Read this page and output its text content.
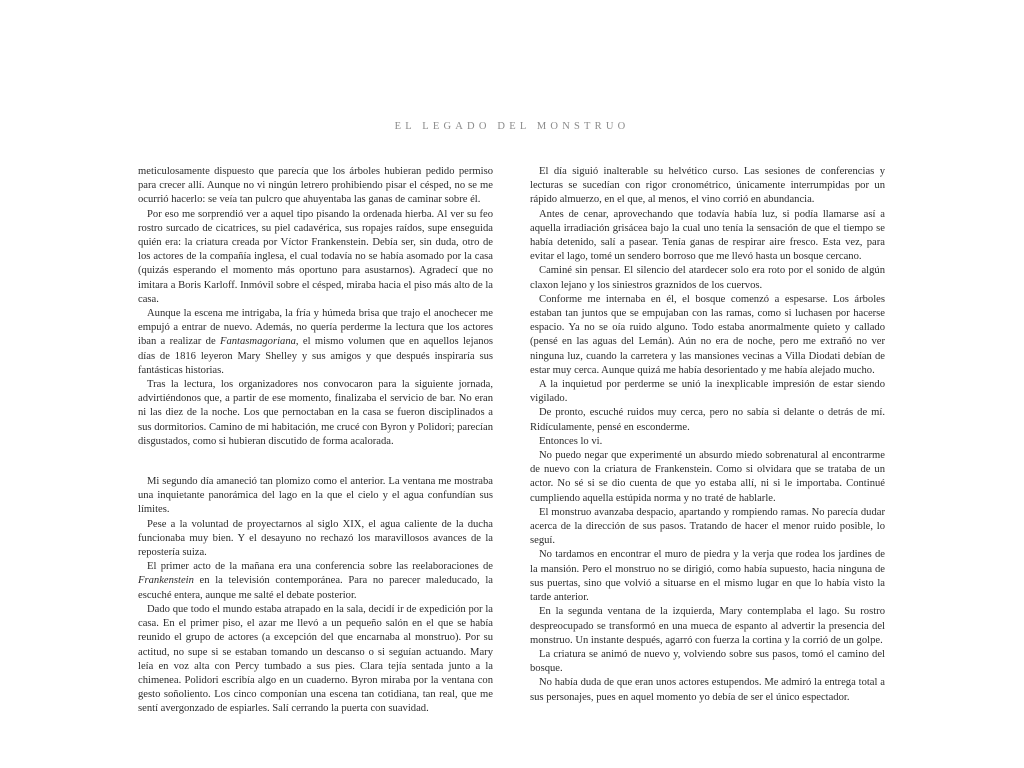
EL LEGADO DEL MONSTRUO

meticulosamente dispuesto que parecía que los árboles hubieran pedido permiso para crecer allí. Aunque no vi ningún letrero prohibiendo pisar el césped, no se me ocurrió hacerlo: se veía tan pulcro que ahuyentaba las ganas de caminar sobre él.

Por eso me sorprendió ver a aquel tipo pisando la ordenada hierba. Al ver su feo rostro surcado de cicatrices, su piel cadavérica, sus ropajes raídos, supe enseguida quién era: la criatura creada por Víctor Frankenstein. Debía ser, sin duda, otro de los actores de la compañía inglesa, el cual todavía no se había asomado por la casa (quizás esperando el momento más oportuno para asustarnos). Agradecí que no imitara a Boris Karloff. Inmóvil sobre el césped, miraba hacia el piso más alto de la casa.

Aunque la escena me intrigaba, la fría y húmeda brisa que trajo el anochecer me empujó a entrar de nuevo. Además, no quería perderme la lectura que los actores iban a realizar de Fantasmagoriana, el mismo volumen que en aquellos lejanos días de 1816 leyeron Mary Shelley y sus amigos y que después inspiraría sus fantásticas historias.

Tras la lectura, los organizadores nos convocaron para la siguiente jornada, advirtiéndonos que, a partir de ese momento, finalizaba el servicio de bar. No eran ni las diez de la noche. Los que pernoctaban en la casa se fueron disciplinados a sus dormitorios. Camino de mi habitación, me crucé con Byron y Polidori; parecían disgustados, como si hubieran discutido de forma acalorada.

Mi segundo día amaneció tan plomizo como el anterior. La ventana me mostraba una inquietante panorámica del lago en la que el cielo y el agua confundían sus límites.

Pese a la voluntad de proyectarnos al siglo XIX, el agua caliente de la ducha funcionaba muy bien. Y el desayuno no rechazó los maravillosos avances de la repostería suiza.

El primer acto de la mañana era una conferencia sobre las reelaboraciones de Frankenstein en la televisión contemporánea. Para no parecer maleducado, la escuché entera, aunque me salté el debate posterior.

Dado que todo el mundo estaba atrapado en la sala, decidí ir de expedición por la casa. En el primer piso, el azar me llevó a un pequeño salón en el que se había reunido el grupo de actores (a excepción del que encarnaba al monstruo). Por su actitud, no supe si se estaban tomando un descanso o si seguían actuando. Mary leía en voz alta con Percy tumbado a sus pies. Clara tejía sentada junto a la chimenea. Polidori escribía algo en un cuaderno. Byron miraba por la ventana con gesto soñoliento. Los cinco componían una escena tan cotidiana, tan real, que me sentí avergonzado de espiarles. Salí cerrando la puerta con suavidad.

El día siguió inalterable su helvético curso. Las sesiones de conferencias y lecturas se sucedían con rigor cronométrico, únicamente interrumpidas por un rápido almuerzo, en el que, al menos, el vino corrió en abundancia.

Antes de cenar, aprovechando que todavía había luz, si podía llamarse así a aquella irradiación grisácea bajo la cual uno tenía la sensación de que el tiempo se había detenido, salí a pasear. Tenía ganas de respirar aire fresco. Esta vez, para evitar el lago, tomé un sendero borroso que me llevó hasta un bosque cercano.

Caminé sin pensar. El silencio del atardecer solo era roto por el sonido de algún claxon lejano y los siniestros graznidos de los cuervos.

Conforme me internaba en él, el bosque comenzó a espesarse. Los árboles estaban tan juntos que se empujaban con las ramas, como si luchasen por hacerse espacio. Ya no se oía ruido alguno. Todo estaba anormalmente quieto y callado (pensé en las aguas del Lemán). Aún no era de noche, pero me extrañó no ver ninguna luz, cuando la carretera y las mansiones vecinas a Villa Diodati debían de estar muy cerca. Aunque quizá me había desorientado y me había alejado mucho.

A la inquietud por perderme se unió la inexplicable impresión de estar siendo vigilado.

De pronto, escuché ruidos muy cerca, pero no sabía si delante o detrás de mí. Ridículamente, pensé en esconderme.

Entonces lo vi.

No puedo negar que experimenté un absurdo miedo sobrenatural al encontrarme de nuevo con la criatura de Frankenstein. Como si olvidara que se trataba de un actor. No sé si se dio cuenta de que yo estaba allí, ni si le importaba. Continué cumpliendo aquella estúpida norma y no traté de hablarle.

El monstruo avanzaba despacio, apartando y rompiendo ramas. No parecía dudar acerca de la dirección de sus pasos. Tratando de hacer el menor ruido posible, lo seguí.

No tardamos en encontrar el muro de piedra y la verja que rodea los jardines de la mansión. Pero el monstruo no se dirigió, como había supuesto, hacia ninguna de sus puertas, sino que volvió a situarse en el mismo lugar en que lo había visto la tarde anterior.

En la segunda ventana de la izquierda, Mary contemplaba el lago. Su rostro despreocupado se transformó en una mueca de espanto al advertir la presencia del monstruo. Un instante después, agarró con fuerza la cortina y la corrió de un golpe.

La criatura se animó de nuevo y, volviendo sobre sus pasos, tomó el camino del bosque.

No había duda de que eran unos actores estupendos. Me admiró la entrega total a sus personajes, pues en aquel momento yo debía de ser el único espectador.
